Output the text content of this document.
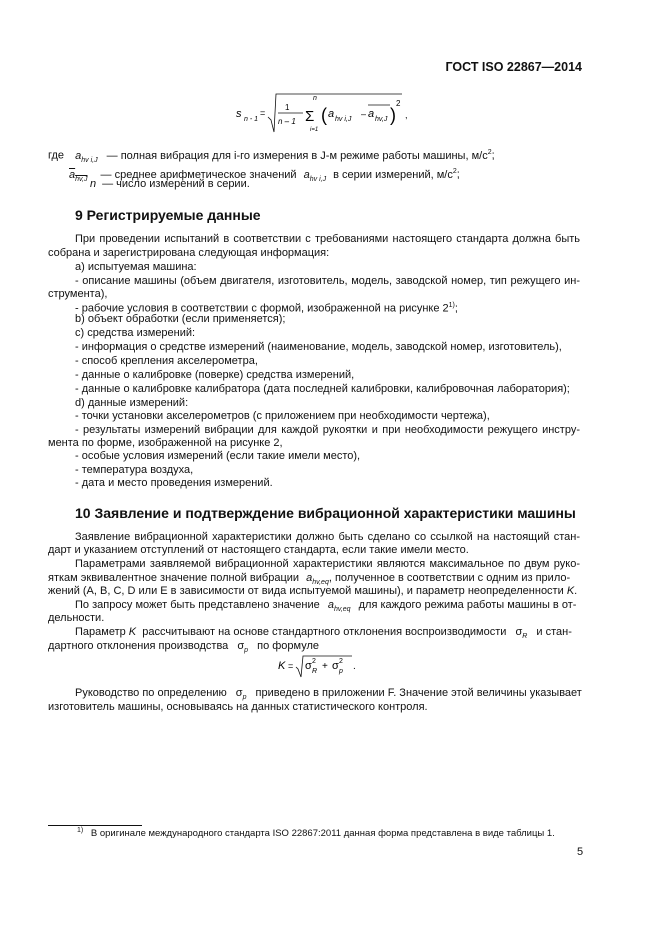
ГОСТ ISO 22867—2014
s n - 1
=
1
n – 1
n
Σ
i=1
( a hv i,J
– a hv,J )
2
,
где $a_{hv i,J}$ — полная вибрация для i-го измерения в J-м режиме работы машины, $м/с^2$;
$a_{hv,J}$ — среднее арифметическое значений $a_{hv i,J}$ в серии измерений, $м/с^2$;
n — число измерений в серии.
9 Регистрируемые данные
При проведении испытаний в соответствии с требованиями настоящего стандарта должна быть
собрана и зарегистрирована следующая информация:
а) испытуемая машина:
- описание машины (объем двигателя, изготовитель, модель, заводской номер, тип режущего ин-
струмента),
- рабочие условия в соответствии с формой, изображенной на рисунке 2$^{1)}$;
b) объект обработки (если применяется);
с) средства измерений:
- информация о средстве измерений (наименование, модель, заводской номер, изготовитель),
- способ крепления акселерометра,
- данные о калибровке (поверке) средства измерений,
- данные о калибровке калибратора (дата последней калибровки, калибровочная лаборатория);
d) данные измерений:
- точки установки акселерометров (с приложением при необходимости чертежа),
- результаты измерений вибрации для каждой рукоятки и при необходимости режущего инстру-
мента по форме, изображенной на рисунке 2,
- особые условия измерений (если такие имели место),
- температура воздуха,
- дата и место проведения измерений.
10 Заявление и подтверждение вибрационной характеристики машины
Заявление вибрационной характеристики должно быть сделано со ссылкой на настоящий стан-
дарт и указанием отступлений от настоящего стандарта, если такие имели место.
Параметрами заявляемой вибрационной характеристики являются максимальное по двум руко-
яткам эквивалентное значение полной вибрации $a_{hv,eq}$, полученное в соответствии с одним из прило-
жений (А, В, С, D или Е в зависимости от вида испытуемой машины), и параметр неопределенности K.
По запросу может быть представлено значение $a_{hv,eq}$ для каждого режима работы машины в от-
дельности.
Параметр K рассчитывают на основе стандартного отклонения воспроизводимости $\sigma_R$ и стан-
дартного отклонения производства $\sigma_p$ по формуле
K = σ 2
R + σ 2
p .
Руководство по определению $\sigma_p$ приведено в приложении F. Значение этой величины указывает
изготовитель машины, основываясь на данных статистического контроля.
$^{1)}$ В оригинале международного стандарта ISO 22867:2011 данная форма представлена в виде таблицы 1.
5
